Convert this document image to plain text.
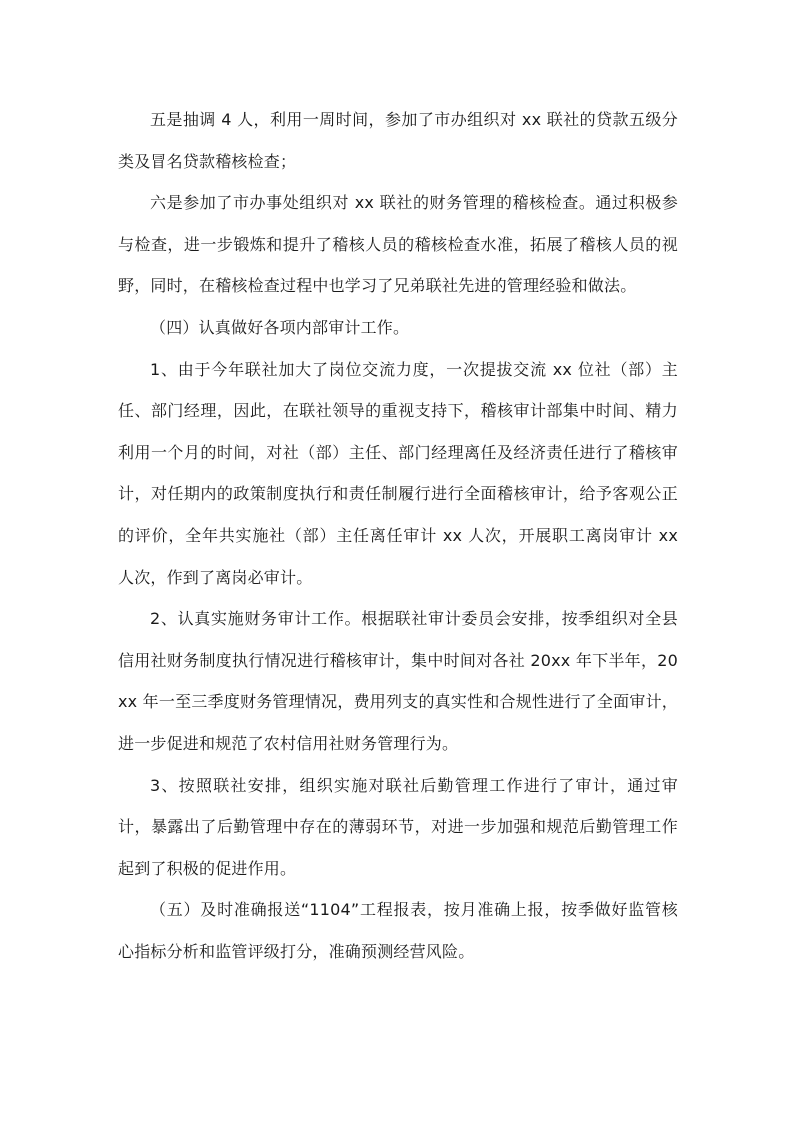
五是抽调 4 人，利用一周时间，参加了市办组织对 xx 联社的贷款五级分类及冒名贷款稽核检查；

六是参加了市办事处组织对 xx 联社的财务管理的稽核检查。通过积极参与检查，进一步锻炼和提升了稽核人员的稽核检查水准，拓展了稽核人员的视野，同时，在稽核检查过程中也学习了兄弟联社先进的管理经验和做法。

（四）认真做好各项内部审计工作。

1、由于今年联社加大了岗位交流力度，一次提拔交流 xx 位社（部）主任、部门经理，因此，在联社领导的重视支持下，稽核审计部集中时间、精力利用一个月的时间，对社（部）主任、部门经理离任及经济责任进行了稽核审计，对任期内的政策制度执行和责任制履行进行全面稽核审计，给予客观公正的评价，全年共实施社（部）主任离任审计 xx 人次，开展职工离岗审计 xx 人次，作到了离岗必审计。

2、认真实施财务审计工作。根据联社审计委员会安排，按季组织对全县信用社财务制度执行情况进行稽核审计，集中时间对各社 20xx 年下半年，20xx 年一至三季度财务管理情况，费用列支的真实性和合规性进行了全面审计，进一步促进和规范了农村信用社财务管理行为。

3、按照联社安排，组织实施对联社后勤管理工作进行了审计，通过审计，暴露出了后勤管理中存在的薄弱环节，对进一步加强和规范后勤管理工作起到了积极的促进作用。

（五）及时准确报送“1104”工程报表，按月准确上报，按季做好监管核心指标分析和监管评级打分，准确预测经营风险。
